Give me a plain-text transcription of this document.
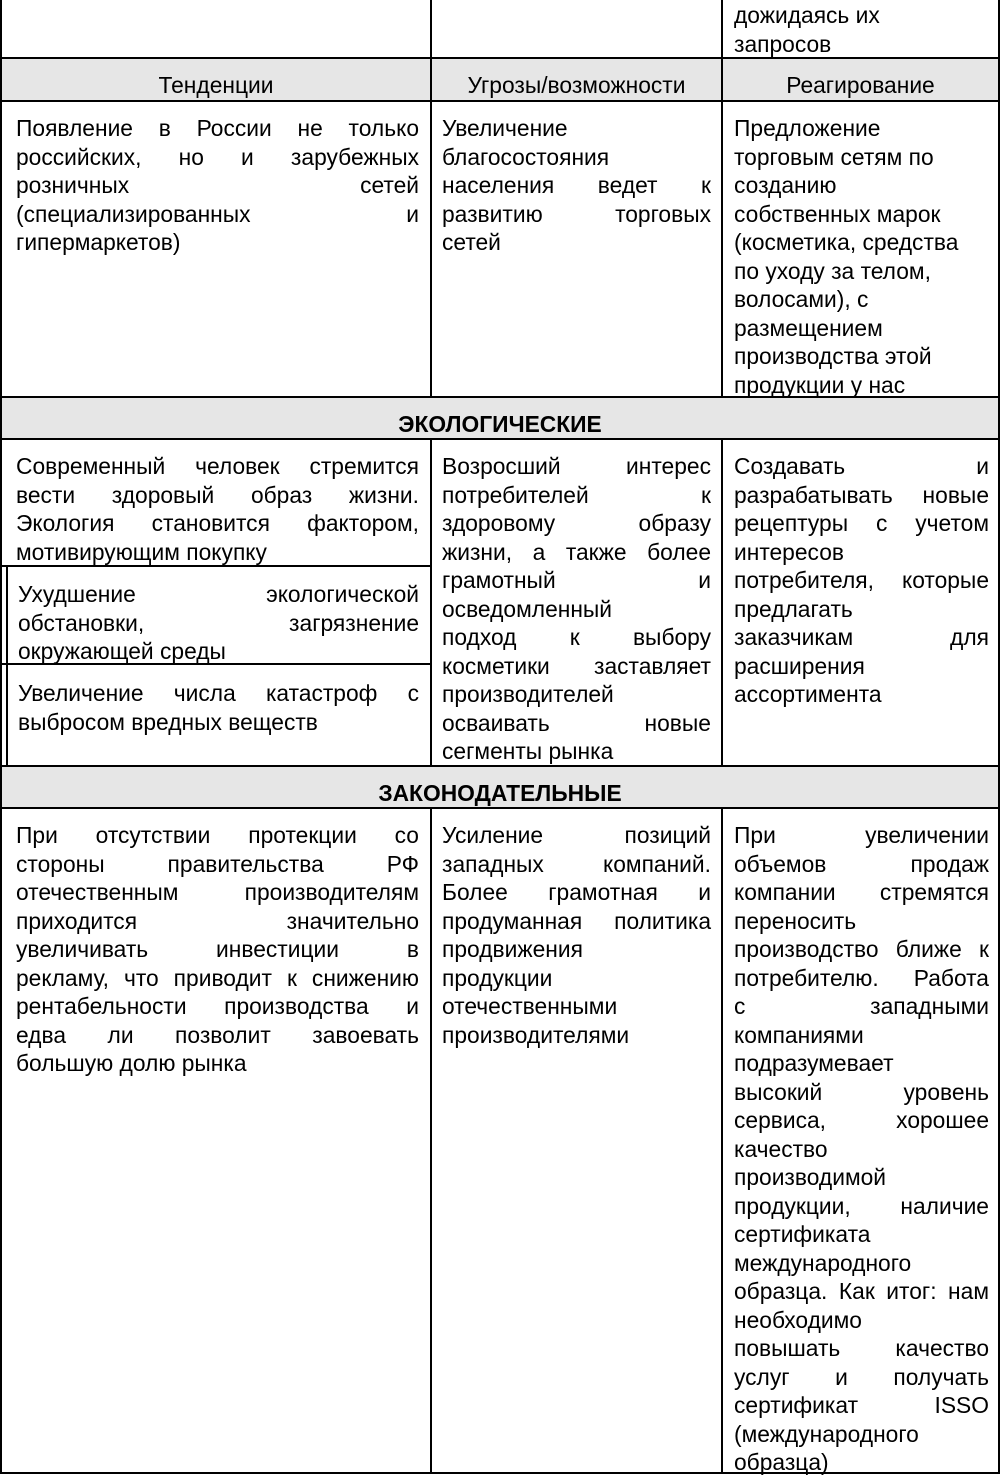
дожидаясь их
запросов
Тенденции	Угрозы/возможности	Реагирование
Появление в России не только
российских, но и зарубежных
розничных сетей
(специализированных и
гипермаркетов)
Увеличение
благосостояния
населения ведет к
развитию торговых
сетей
Предложение
торговым сетям по
созданию
собственных марок
(косметика, средства
по уходу за телом,
волосами), с
размещением
производства этой
продукции у нас
ЭКОЛОГИЧЕСКИЕ
Современный человек стремится
вести здоровый образ жизни.
Экология становится фактором,
мотивирующим покупку
Ухудшение экологической
обстановки, загрязнение
окружающей среды
Увеличение числа катастроф с
выбросом вредных веществ
Возросший интерес
потребителей к
здоровому образу
жизни, а также более
грамотный и
осведомленный
подход к выбору
косметики заставляет
производителей
осваивать новые
сегменты рынка
Создавать и
разрабатывать новые
рецептуры с учетом
интересов
потребителя, которые
предлагать
заказчикам для
расширения
ассортимента
ЗАКОНОДАТЕЛЬНЫЕ
При отсутствии протекции со
стороны правительства РФ
отечественным производителям
приходится значительно
увеличивать инвестиции в
рекламу, что приводит к снижению
рентабельности производства и
едва ли позволит завоевать
большую долю рынка
Усиление позиций
западных компаний.
Более грамотная и
продуманная политика
продвижения
продукции
отечественными
производителями
При увеличении
объемов продаж
компании стремятся
переносить
производство ближе к
потребителю. Работа
с западными
компаниями
подразумевает
высокий уровень
сервиса, хорошее
качество
производимой
продукции, наличие
сертификата
международного
образца. Как итог: нам
необходимо
повышать качество
услуг и получать
сертификат ISSO
(международного
образца)
